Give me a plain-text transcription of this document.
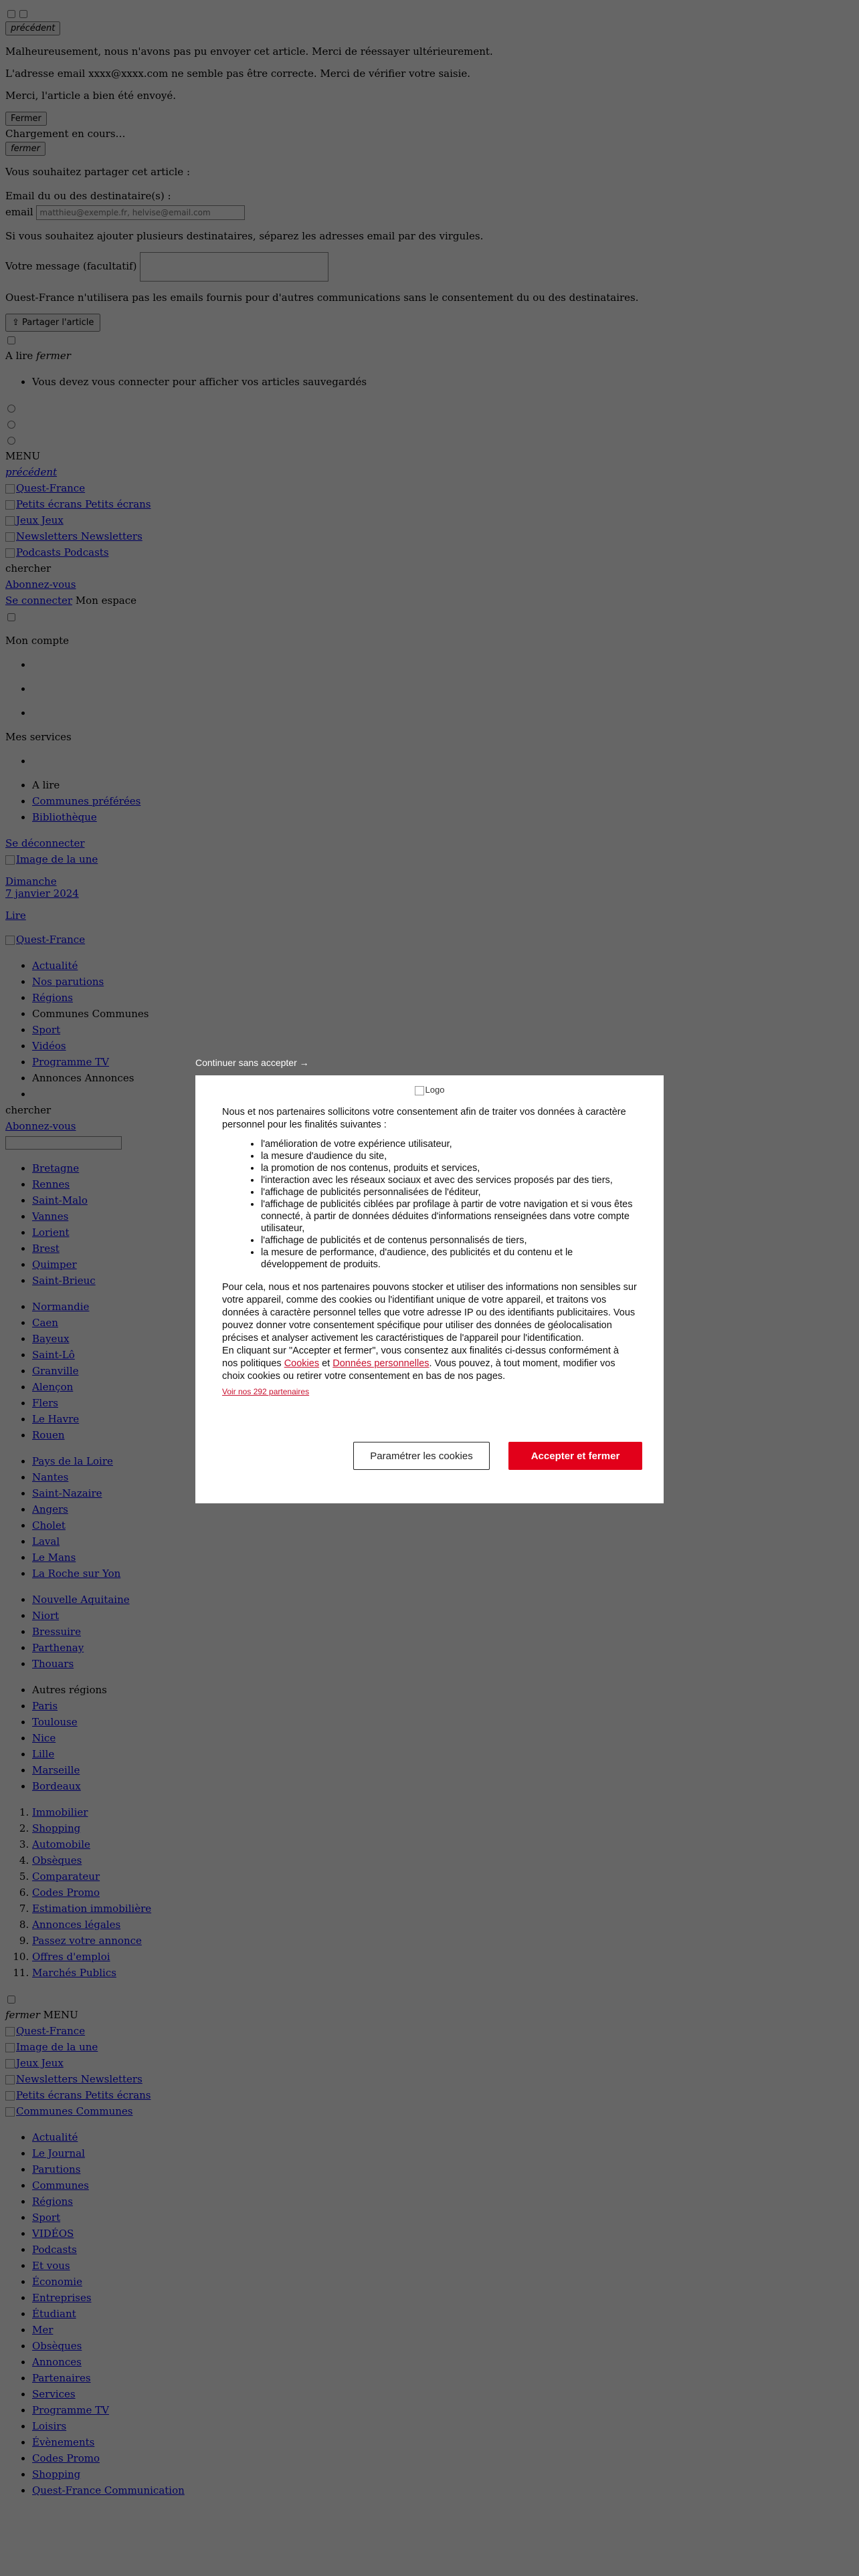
matthieu@exemple.fr, helvise@email.com

•

•
•
•

•
•
•
•

•
•
•
•
•
•
•
•
•
•
•
•
•
•
•
•
•
•
•
•
•
•
•
•
•
•
•
•
•
•
•
•
•
•
•
•
•
•
•
•
•
•
•
•
•
•
1.
2.
3.
4.
5.
6.
7.
8.
9.
10.
11.
•
•
•
•
•
•
•
•
•
•
•
•
•
•
•
•
•
•
•
•
•
•
•
Continuer sans accepter →
Logo

Nous et nos partenaires sollicitons votre consentement afin de traiter vos données à caractère personnel pour les finalités suivantes :

• l'amélioration de votre expérience utilisateur,
• la mesure d'audience du site,
• la promotion de nos contenus, produits et services,
• l'interaction avec les réseaux sociaux et avec des services proposés par des tiers,
• l'affichage de publicités personnalisées de l'éditeur,
• l'affichage de publicités ciblées par profilage à partir de votre navigation et si vous êtes connecté, à partir de données déduites d'informations renseignées dans votre compte utilisateur,
• l'affichage de publicités et de contenus personnalisés de tiers,
• la mesure de performance, d'audience, des publicités et du contenu et le développement de produits.
Pour cela, nous et nos partenaires pouvons stocker et utiliser des informations non sensibles sur votre appareil, comme des cookies ou l'identifiant unique de votre appareil, et traitons vos données à caractère personnel telles que votre adresse IP ou des identifiants publicitaires. Vous pouvez donner votre consentement spécifique pour utiliser des données de géolocalisation précises et analyser activement les caractéristiques de l'appareil pour l'identification.
En cliquant sur "Accepter et fermer", vous consentez aux finalités ci-dessus conformément à nos politiques Cookies et Données personnelles. Vous pouvez, à tout moment, modifier vos choix cookies ou retirer votre consentement en bas de nos pages.
Voir nos 292 partenaires
Paramétrer les cookies	Accepter et fermer
